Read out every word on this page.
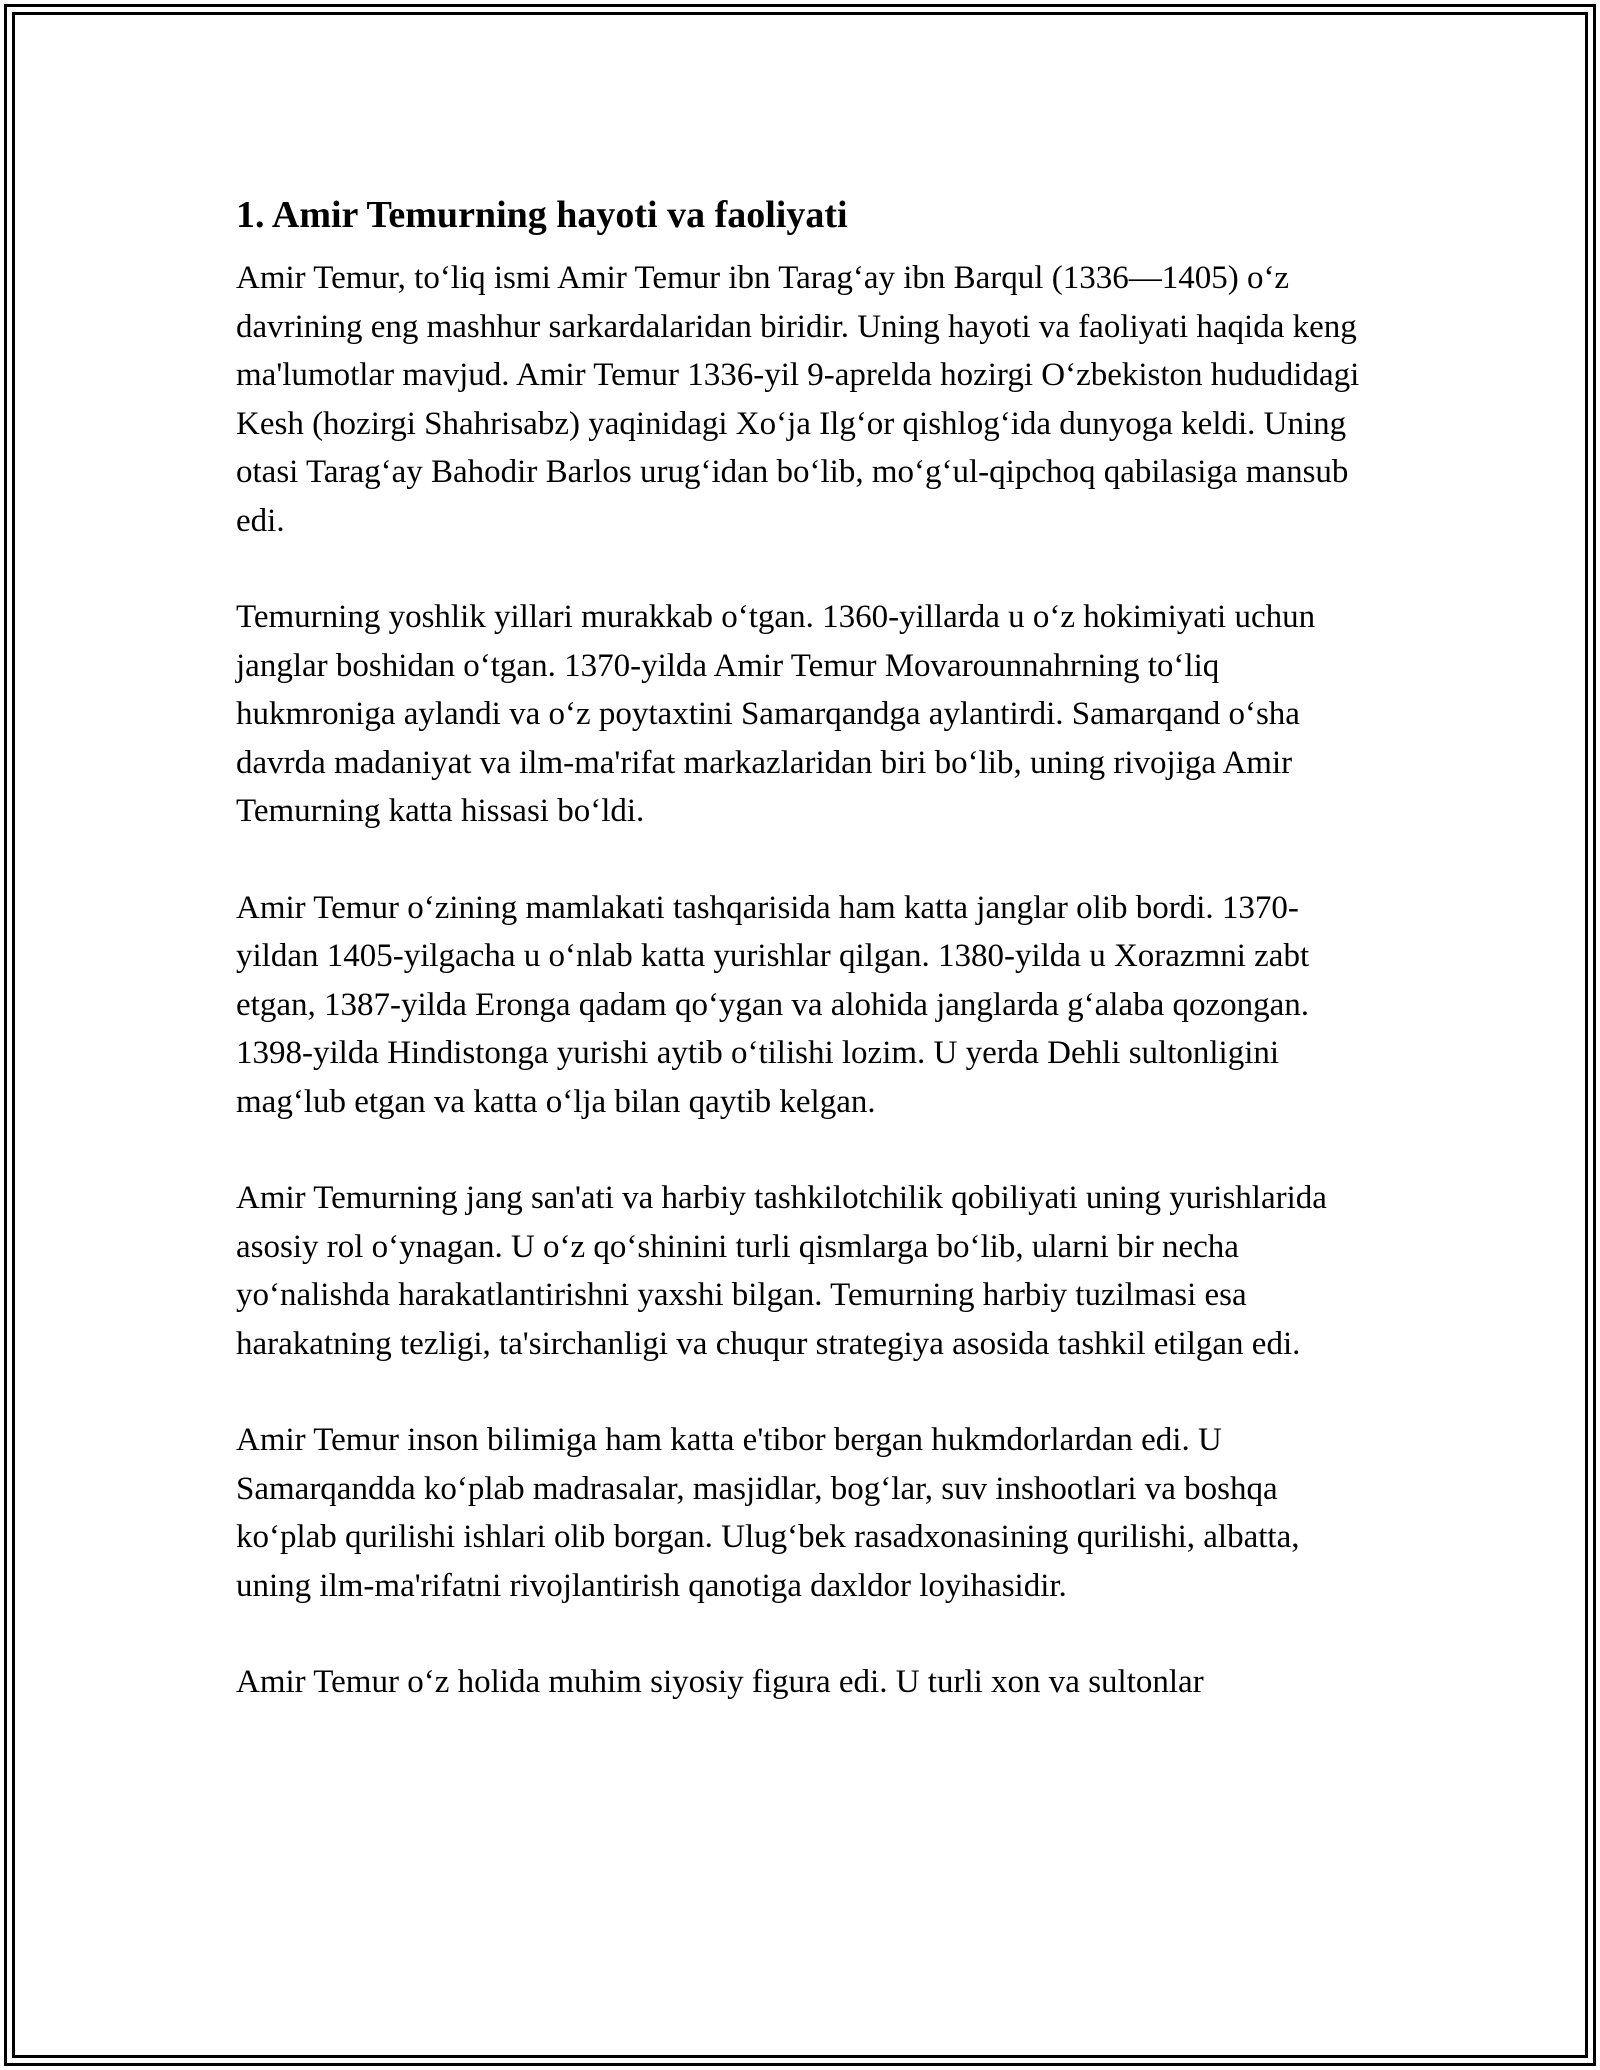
1. Amir Temurning hayoti va faoliyati

Amir Temur, to‘liq ismi Amir Temur ibn Tarag‘ay ibn Barqul (1336—1405) o‘z davrining eng mashhur sarkardalaridan biridir. Uning hayoti va faoliyati haqida keng ma'lumotlar mavjud. Amir Temur 1336-yil 9-aprelda hozirgi O‘zbekiston hududidagi Kesh (hozirgi Shahrisabz) yaqinidagi Xo‘ja Ilg‘or qishlog‘ida dunyoga keldi. Uning otasi Tarag‘ay Bahodir Barlos urug‘idan bo‘lib, mo‘g‘ul-qipchoq qabilasiga mansub edi.

Temurning yoshlik yillari murakkab o‘tgan. 1360-yillarda u o‘z hokimiyati uchun janglar boshidan o‘tgan. 1370-yilda Amir Temur Movarounnahrning to‘liq hukmroniga aylandi va o‘z poytaxtini Samarqandga aylantirdi. Samarqand o‘sha davrda madaniyat va ilm-ma'rifat markazlaridan biri bo‘lib, uning rivojiga Amir Temurning katta hissasi bo‘ldi.

Amir Temur o‘zining mamlakati tashqarisida ham katta janglar olib bordi. 1370-yildan 1405-yilgacha u o‘nlab katta yurishlar qilgan. 1380-yilda u Xorazmni zabt etgan, 1387-yilda Eronga qadam qo‘ygan va alohida janglarda g‘alaba qozongan. 1398-yilda Hindistonga yurishi aytib o‘tilishi lozim. U yerda Dehli sultonligini mag‘lub etgan va katta o‘lja bilan qaytib kelgan.

Amir Temurning jang san'ati va harbiy tashkilotchilik qobiliyati uning yurishlarida asosiy rol o‘ynagan. U o‘z qo‘shinini turli qismlarga bo‘lib, ularni bir necha yo‘nalishda harakatlantirishni yaxshi bilgan. Temurning harbiy tuzilmasi esa harakatning tezligi, ta'sirchanligi va chuqur strategiya asosida tashkil etilgan edi.

Amir Temur inson bilimiga ham katta e'tibor bergan hukmdorlardan edi. U Samarqandda ko‘plab madrasalar, masjidlar, bog‘lar, suv inshootlari va boshqa ko‘plab qurilishi ishlari olib borgan. Ulug‘bek rasadxonasining qurilishi, albatta, uning ilm-ma'rifatni rivojlantirish qanotiga daxldor loyihasidir.

Amir Temur o‘z holida muhim siyosiy figura edi. U turli xon va sultonlar
